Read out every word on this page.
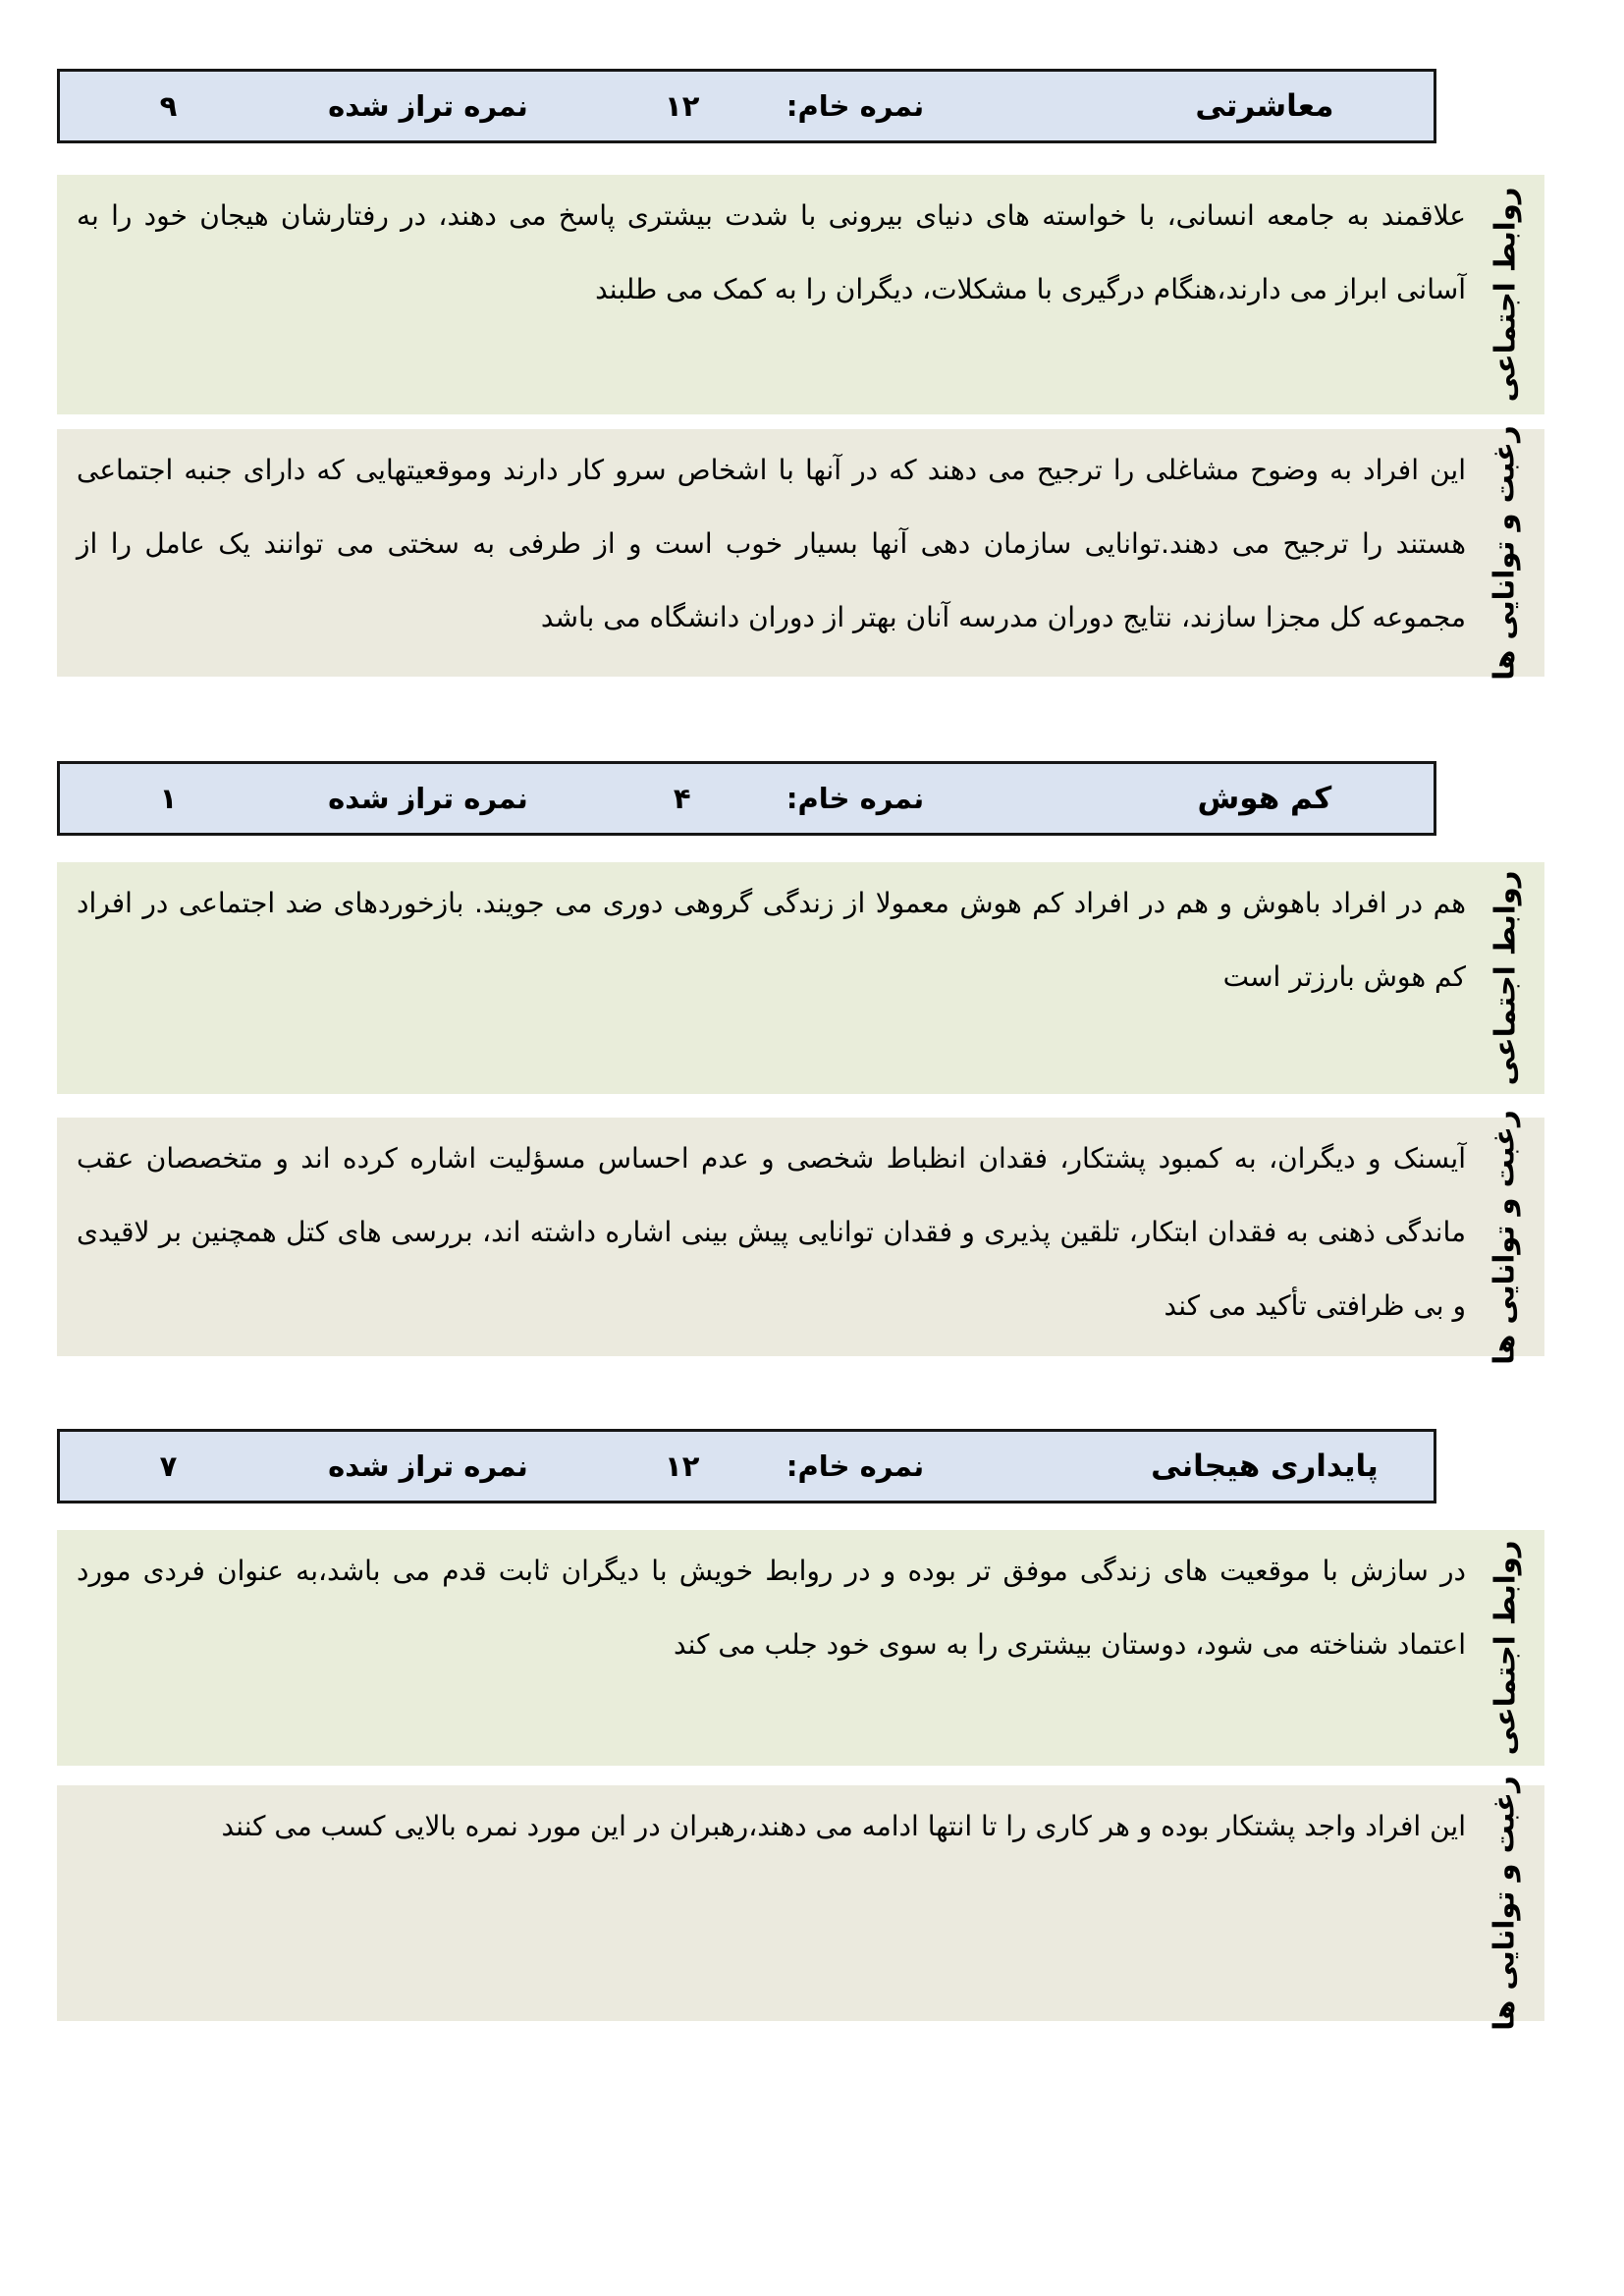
معاشرتی
نمره خام:
۱۲
نمره تراز شده
۹

علاقمند به جامعه انسانی، با خواسته های دنیای بیرونی با شدت بیشتری پاسخ می دهند، در رفتارشان هیجان خود را به آسانی ابراز می دارند،هنگام درگیری با مشکلات، دیگران را به کمک می طلبند روابط اجتماعی

این افراد به وضوح مشاغلی را ترجیح می دهند که در آنها با اشخاص سرو کار دارند وموقعیتهایی که دارای جنبه اجتماعی هستند را ترجیح می دهند.توانایی سازمان دهی آنها بسیار خوب است و از طرفی به سختی می توانند یک عامل را از مجموعه کل مجزا سازند، نتایج دوران مدرسه آنان بهتر از دوران دانشگاه می باشد رغبت و توانایی ها
کم هوش
نمره خام:
۴
نمره تراز شده
۱

هم در افراد باهوش و هم در افراد کم هوش معمولا از زندگی گروهی دوری می جویند. بازخوردهای ضد اجتماعی در افراد کم هوش بارزتر است روابط اجتماعی

آیسنک و دیگران، به کمبود پشتکار، فقدان انظباط شخصی و عدم احساس مسؤلیت اشاره کرده اند و متخصصان عقب ماندگی ذهنی به فقدان ابتکار، تلقین پذیری و فقدان توانایی پیش بینی اشاره داشته اند، بررسی های کتل همچنین بر لاقیدی و بی ظرافتی تأکید می کند رغبت و توانایی ها
پایداری هیجانی
نمره خام:
۱۲
نمره تراز شده
۷

در سازش با موقعیت های زندگی موفق تر بوده و در روابط خویش با دیگران ثابت قدم می باشد،به عنوان فردی مورد اعتماد شناخته می شود، دوستان بیشتری را به سوی خود جلب می کند روابط اجتماعی

این افراد واجد پشتکار بوده و هر کاری را تا انتها ادامه می دهند،رهبران در این مورد نمره بالایی کسب می کنند رغبت و توانایی ها
